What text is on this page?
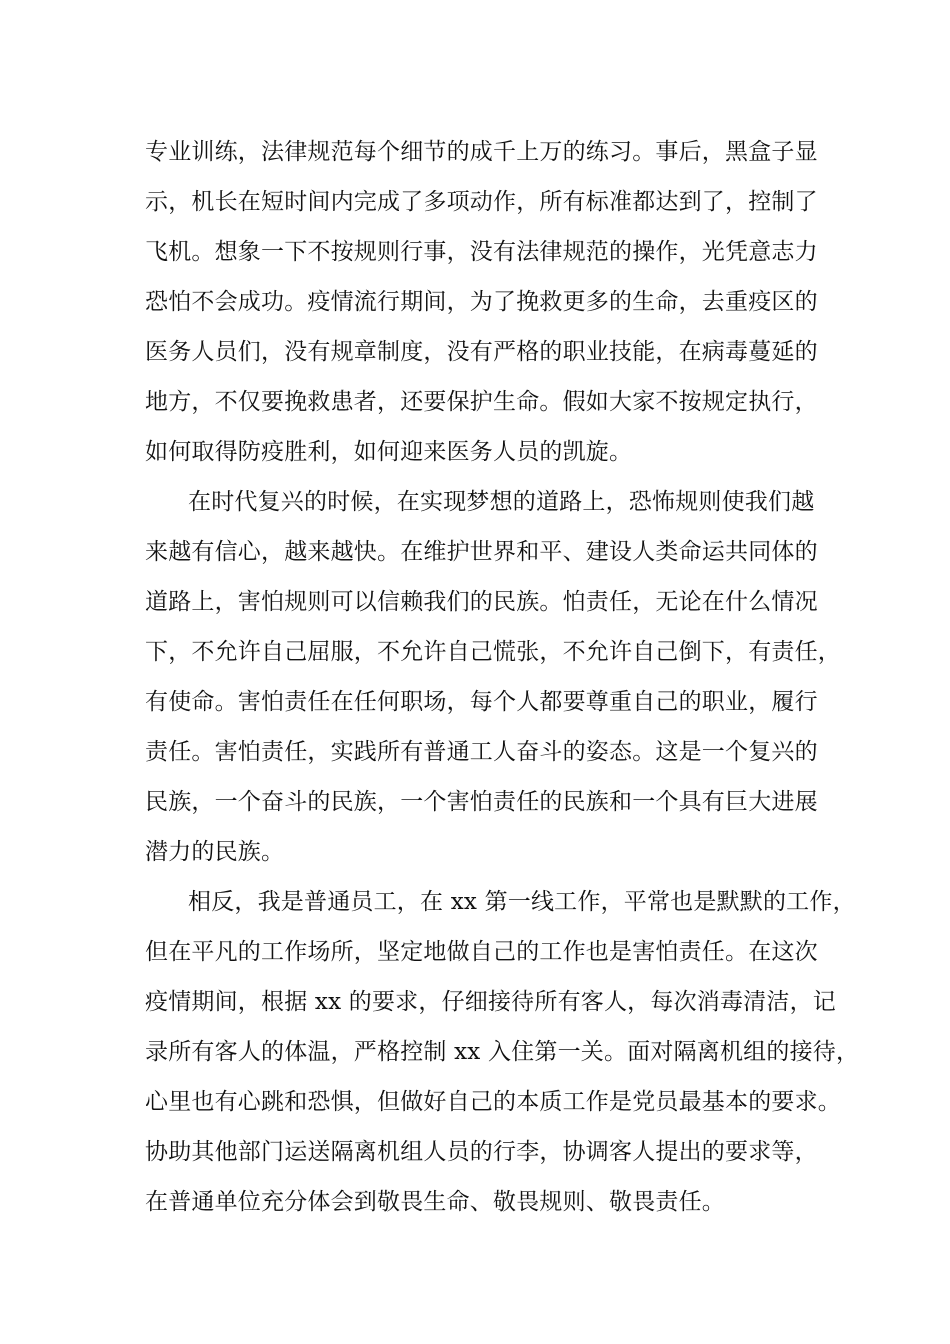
专业训练，法律规范每个细节的成千上万的练习。事后，黑盒子显
示，机长在短时间内完成了多项动作，所有标准都达到了，控制了
飞机。想象一下不按规则行事，没有法律规范的操作，光凭意志力
恐怕不会成功。疫情流行期间，为了挽救更多的生命，去重疫区的
医务人员们，没有规章制度，没有严格的职业技能，在病毒蔓延的
地方，不仅要挽救患者，还要保护生命。假如大家不按规定执行，
如何取得防疫胜利，如何迎来医务人员的凯旋。
在时代复兴的时候，在实现梦想的道路上，恐怖规则使我们越
来越有信心，越来越快。在维护世界和平、建设人类命运共同体的
道路上，害怕规则可以信赖我们的民族。怕责任，无论在什么情况
下，不允许自己屈服，不允许自己慌张，不允许自己倒下，有责任，
有使命。害怕责任在任何职场，每个人都要尊重自己的职业，履行
责任。害怕责任，实践所有普通工人奋斗的姿态。这是一个复兴的
民族，一个奋斗的民族，一个害怕责任的民族和一个具有巨大进展
潜力的民族。
相反，我是普通员工，在 xx 第一线工作，平常也是默默的工作，
但在平凡的工作场所，坚定地做自己的工作也是害怕责任。在这次
疫情期间，根据 xx 的要求，仔细接待所有客人，每次消毒清洁，记
录所有客人的体温，严格控制 xx 入住第一关。面对隔离机组的接待，
心里也有心跳和恐惧，但做好自己的本质工作是党员最基本的要求。
协助其他部门运送隔离机组人员的行李，协调客人提出的要求等，
在普通单位充分体会到敬畏生命、敬畏规则、敬畏责任。
